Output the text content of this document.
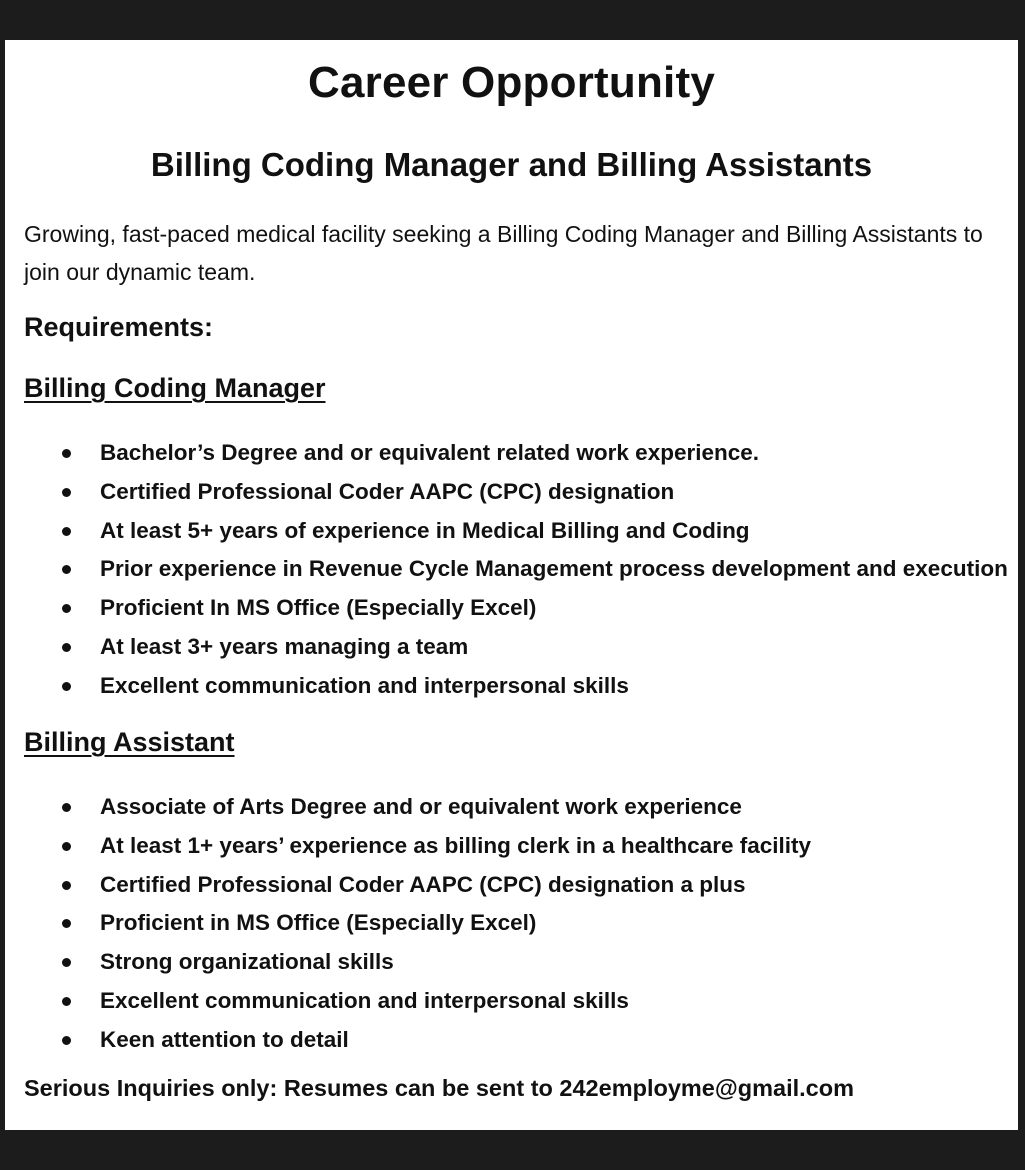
Career Opportunity
Billing Coding Manager and Billing Assistants

Growing, fast-paced medical facility seeking a Billing Coding Manager and Billing Assistants to join our dynamic team.

Requirements:

Billing Coding Manager

Bachelor’s Degree and or equivalent related work experience.
Certified Professional Coder AAPC (CPC) designation
At least 5+ years of experience in Medical Billing and Coding
Prior experience in Revenue Cycle Management process development and execution
Proficient In MS Office (Especially Excel)
At least 3+ years managing a team
Excellent communication and interpersonal skills

Billing Assistant

Associate of Arts Degree and or equivalent work experience
At least 1+ years’ experience as billing clerk in a healthcare facility
Certified Professional Coder AAPC (CPC) designation a plus
Proficient in MS Office (Especially Excel)
Strong organizational skills
Excellent communication and interpersonal skills
Keen attention to detail

Serious Inquiries only: Resumes can be sent to 242employme@gmail.com
